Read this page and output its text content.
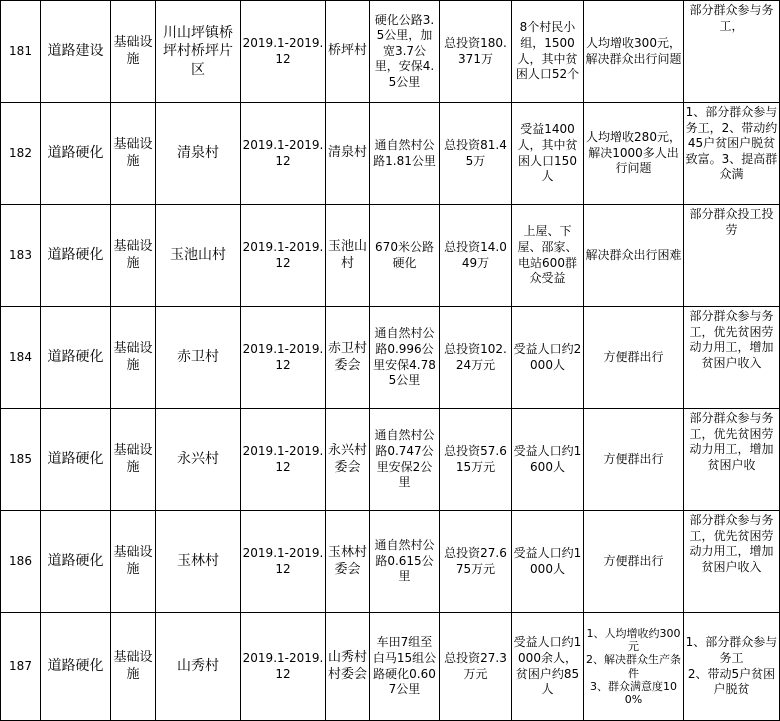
181	道路建设	基础设施	川山坪镇桥坪村桥坪片区	2019.1-2019.12	桥坪村	硬化公路3.5公里，加宽3.7公里，安保4.5公里	总投资180.371万	8个村民小组，1500人，其中贫困人口52个	人均增收300元，解决群众出行问题	部分群众参与务工，

182	道路硬化	基础设施	清泉村	2019.1-2019.12	清泉村	通自然村公路1.81公里	总投资81.45万	受益1400人，其中贫困人口150人	人均增收280元，解决1000多人出行问题	1、部分群众参与务工，2、带动约45户贫困户脱贫致富。3、提高群众满

183	道路硬化	基础设施	玉池山村	2019.1-2019.12	玉池山村	670米公路硬化	总投资14.049万	上屋、下屋、邵家、电站600群众受益	解决群众出行困难	部分群众投工投劳

184	道路硬化	基础设施	赤卫村	2019.1-2019.12	赤卫村委会	通自然村公路0.996公里安保4.785公里	总投资102.24万元	受益人口约2000人	方便群出行	部分群众参与务工，优先贫困劳动力用工，增加贫困户收入

185	道路硬化	基础设施	永兴村	2019.1-2019.12	永兴村委会	通自然村公路0.747公里安保2公里	总投资57.615万元	受益人口约1600人	方便群出行	部分群众参与务工，优先贫困劳动力用工，增加贫困户收

186	道路硬化	基础设施	玉林村	2019.1-2019.12	玉林村委会	通自然村公路0.615公里	总投资27.675万元	受益人口约1000人	方便群出行	部分群众参与务工，优先贫困劳动力用工，增加贫困户收入

187	道路硬化	基础设施	山秀村	2019.1-2019.12	山秀村村委会	车田7组至白马15组公路硬化0.607公里	总投资27.3万元	受益人口约1000余人，贫困户约85人	1、人均增收约300元
2、解决群众生产条件
3、群众满意度100%	1、部分群众参与务工
2、带动5户贫困户脱贫
